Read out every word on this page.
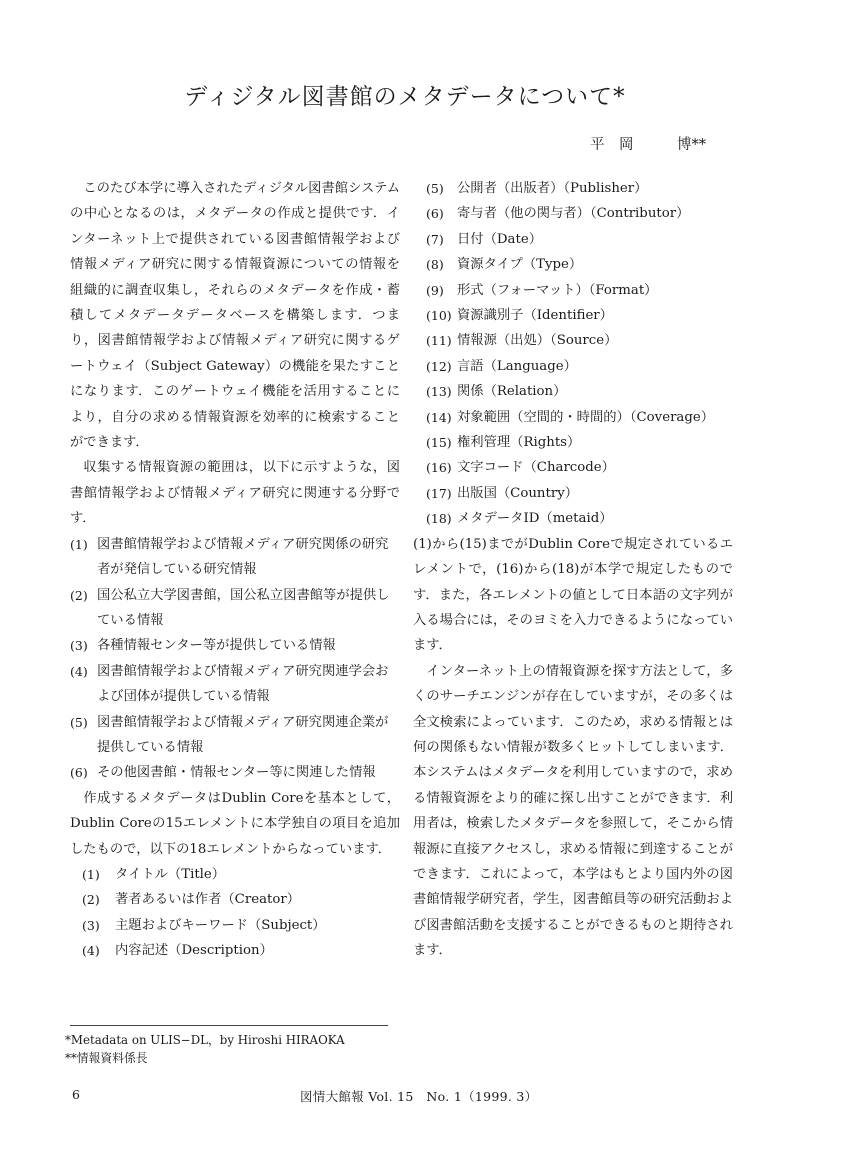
ディジタル図書館のメタデータについて*
平　岡　　　博**

このたび本学に導入されたディジタル図書館システムの中心となるのは，メタデータの作成と提供です．インターネット上で提供されている図書館情報学および情報メディア研究に関する情報資源についての情報を組織的に調査収集し，それらのメタデータを作成・蓄積してメタデータデータベースを構築します．つまり，図書館情報学および情報メディア研究に関するゲートウェイ（Subject Gateway）の機能を果たすことになります．このゲートウェイ機能を活用することにより，自分の求める情報資源を効率的に検索することができます．

収集する情報資源の範囲は，以下に示すような，図書館情報学および情報メディア研究に関連する分野です．

(1) 図書館情報学および情報メディア研究関係の研究者が発信している研究情報
(2) 国公私立大学図書館，国公私立図書館等が提供している情報
(3) 各種情報センター等が提供している情報
(4) 図書館情報学および情報メディア研究関連学会および団体が提供している情報
(5) 図書館情報学および情報メディア研究関連企業が提供している情報
(6) その他図書館・情報センター等に関連した情報

作成するメタデータはDublin Coreを基本として，Dublin Coreの15エレメントに本学独自の項目を追加したもので，以下の18エレメントからなっています．

(1) タイトル（Title）
(2) 著者あるいは作者（Creator）
(3) 主題およびキーワード（Subject）
(4) 内容記述（Description）
(5) 公開者（出版者）（Publisher）
(6) 寄与者（他の関与者）（Contributor）
(7) 日付（Date）
(8) 資源タイプ（Type）
(9) 形式（フォーマット）（Format）
(10) 資源識別子（Identifier）
(11) 情報源（出処）（Source）
(12) 言語（Language）
(13) 関係（Relation）
(14) 対象範囲（空間的・時間的）（Coverage）
(15) 権利管理（Rights）
(16) 文字コード（Charcode）
(17) 出版国（Country）
(18) メタデータID（metaid）

(1)から(15)までがDublin Coreで規定されているエレメントで，(16)から(18)が本学で規定したものです．また，各エレメントの値として日本語の文字列が入る場合には，そのヨミを入力できるようになっています．

インターネット上の情報資源を探す方法として，多くのサーチエンジンが存在していますが，その多くは全文検索によっています．このため，求める情報とは何の関係もない情報が数多くヒットしてしまいます．本システムはメタデータを利用していますので，求める情報資源をより的確に探し出すことができます．利用者は，検索したメタデータを参照して，そこから情報源に直接アクセスし，求める情報に到達することができます．これによって，本学はもとより国内外の図書館情報学研究者，学生，図書館員等の研究活動および図書館活動を支援することができるものと期待されます．

*Metadata on ULIS−DL，by Hiroshi HIRAOKA
**情報資料係長
6	図情大館報 Vol. 15　No. 1（1999. 3）
